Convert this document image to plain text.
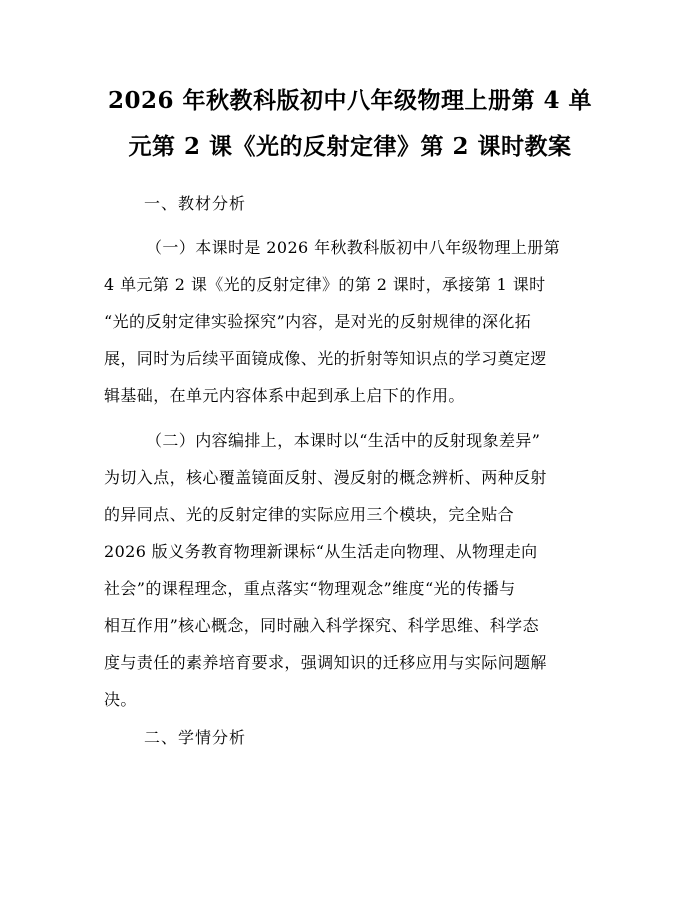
2026 年秋教科版初中八年级物理上册第 4 单
元第 2 课《光的反射定律》第 2 课时教案
一、教材分析
（一）本课时是 2026 年秋教科版初中八年级物理上册第
4 单元第 2 课《光的反射定律》的第 2 课时，承接第 1 课时
“光的反射定律实验探究”内容，是对光的反射规律的深化拓
展，同时为后续平面镜成像、光的折射等知识点的学习奠定逻
辑基础，在单元内容体系中起到承上启下的作用。
（二）内容编排上，本课时以“生活中的反射现象差异”
为切入点，核心覆盖镜面反射、漫反射的概念辨析、两种反射
的异同点、光的反射定律的实际应用三个模块，完全贴合
2026 版义务教育物理新课标“从生活走向物理、从物理走向
社会”的课程理念，重点落实“物理观念”维度“光的传播与
相互作用”核心概念，同时融入科学探究、科学思维、科学态
度与责任的素养培育要求，强调知识的迁移应用与实际问题解
决。
二、学情分析
